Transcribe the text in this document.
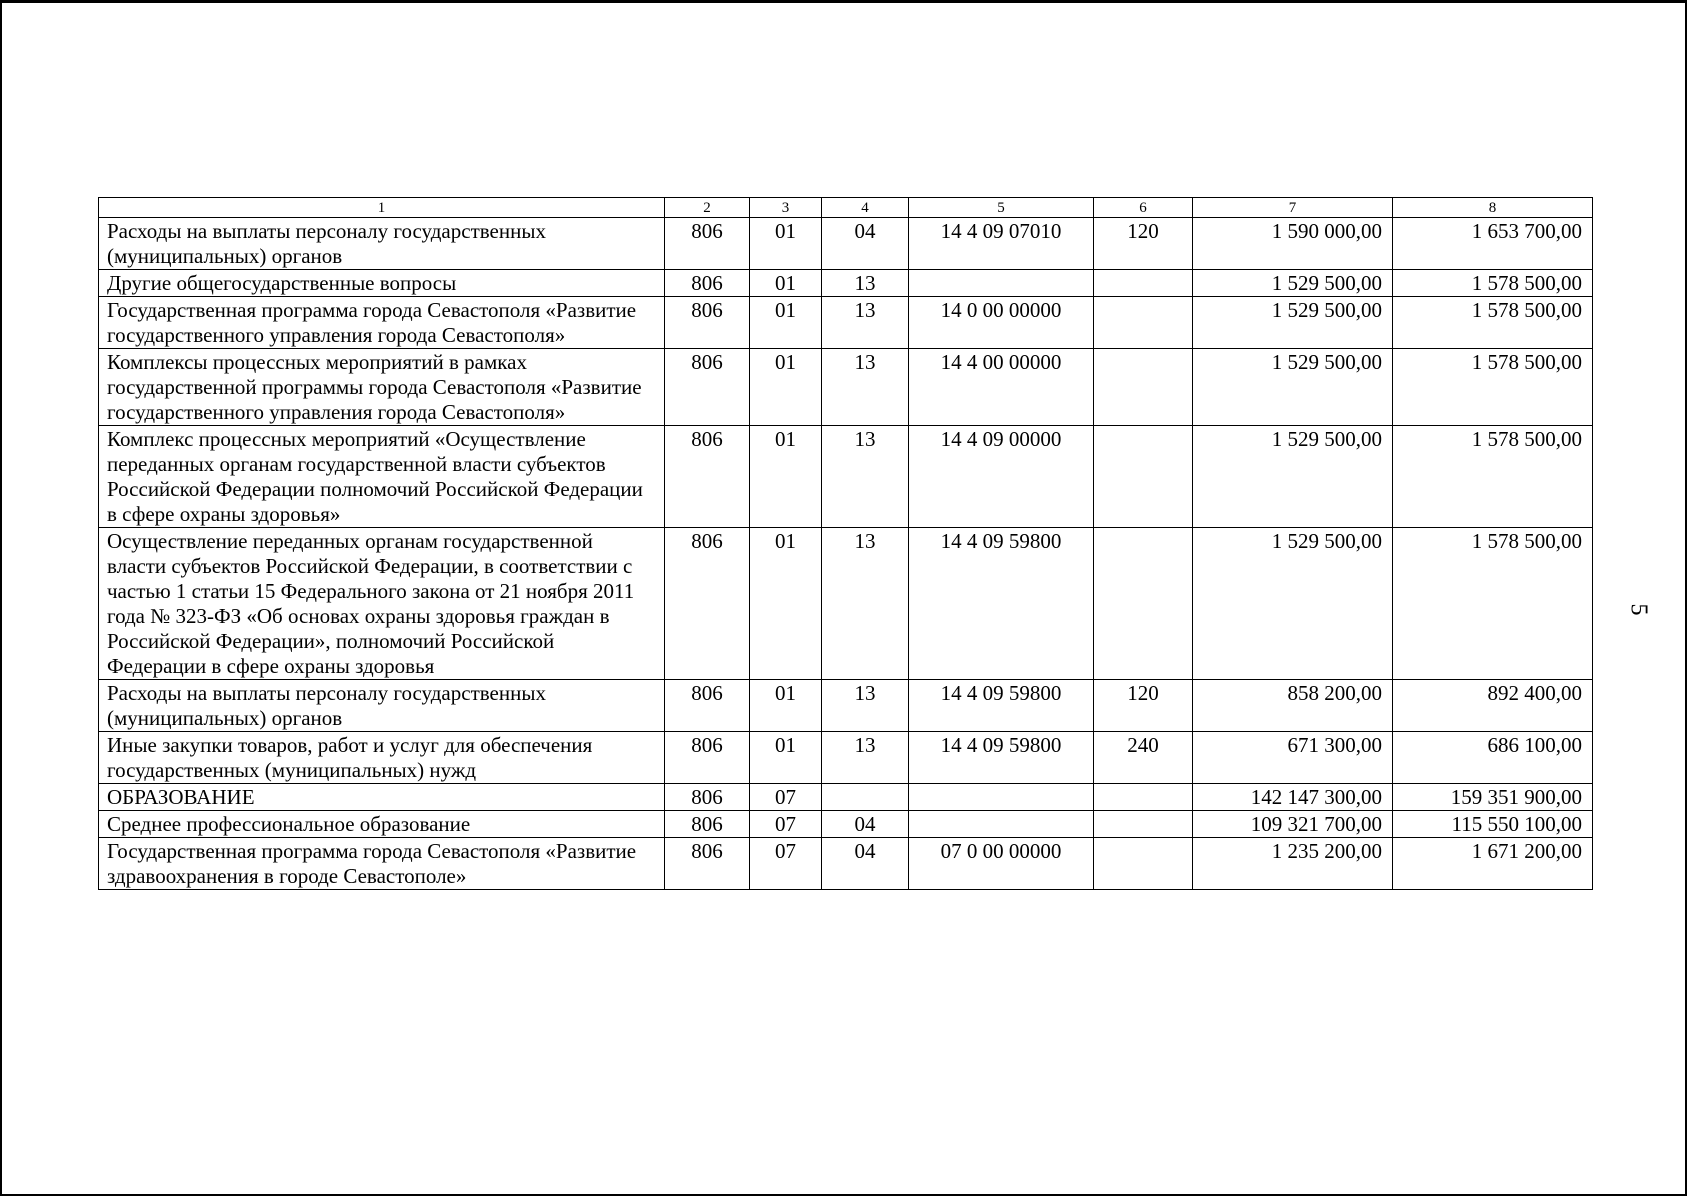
5
1	2	3	4	5	6	7	8
Расходы на выплаты персоналу государственных (муниципальных) органов	806	01	04	14 4 09 07010	120	1 590 000,00	1 653 700,00
Другие общегосударственные вопросы	806	01	13			1 529 500,00	1 578 500,00
Государственная программа города Севастополя «Развитие государственного управления города Севастополя»	806	01	13	14 0 00 00000		1 529 500,00	1 578 500,00
Комплексы процессных мероприятий в рамках государственной программы города Севастополя «Развитие государственного управления города Севастополя»	806	01	13	14 4 00 00000		1 529 500,00	1 578 500,00
Комплекс процессных мероприятий «Осуществление переданных органам государственной власти субъектов Российской Федерации полномочий Российской Федерации в сфере охраны здоровья»	806	01	13	14 4 09 00000		1 529 500,00	1 578 500,00
Осуществление переданных органам государственной власти субъектов Российской Федерации, в соответствии с частью 1 статьи 15 Федерального закона от 21 ноября 2011 года № 323-ФЗ «Об основах охраны здоровья граждан в Российской Федерации», полномочий Российской Федерации в сфере охраны здоровья	806	01	13	14 4 09 59800		1 529 500,00	1 578 500,00
Расходы на выплаты персоналу государственных (муниципальных) органов	806	01	13	14 4 09 59800	120	858 200,00	892 400,00
Иные закупки товаров, работ и услуг для обеспечения государственных (муниципальных) нужд	806	01	13	14 4 09 59800	240	671 300,00	686 100,00
ОБРАЗОВАНИЕ	806	07				142 147 300,00	159 351 900,00
Среднее профессиональное образование	806	07	04			109 321 700,00	115 550 100,00
Государственная программа города Севастополя «Развитие здравоохранения в городе Севастополе»	806	07	04	07 0 00 00000		1 235 200,00	1 671 200,00
